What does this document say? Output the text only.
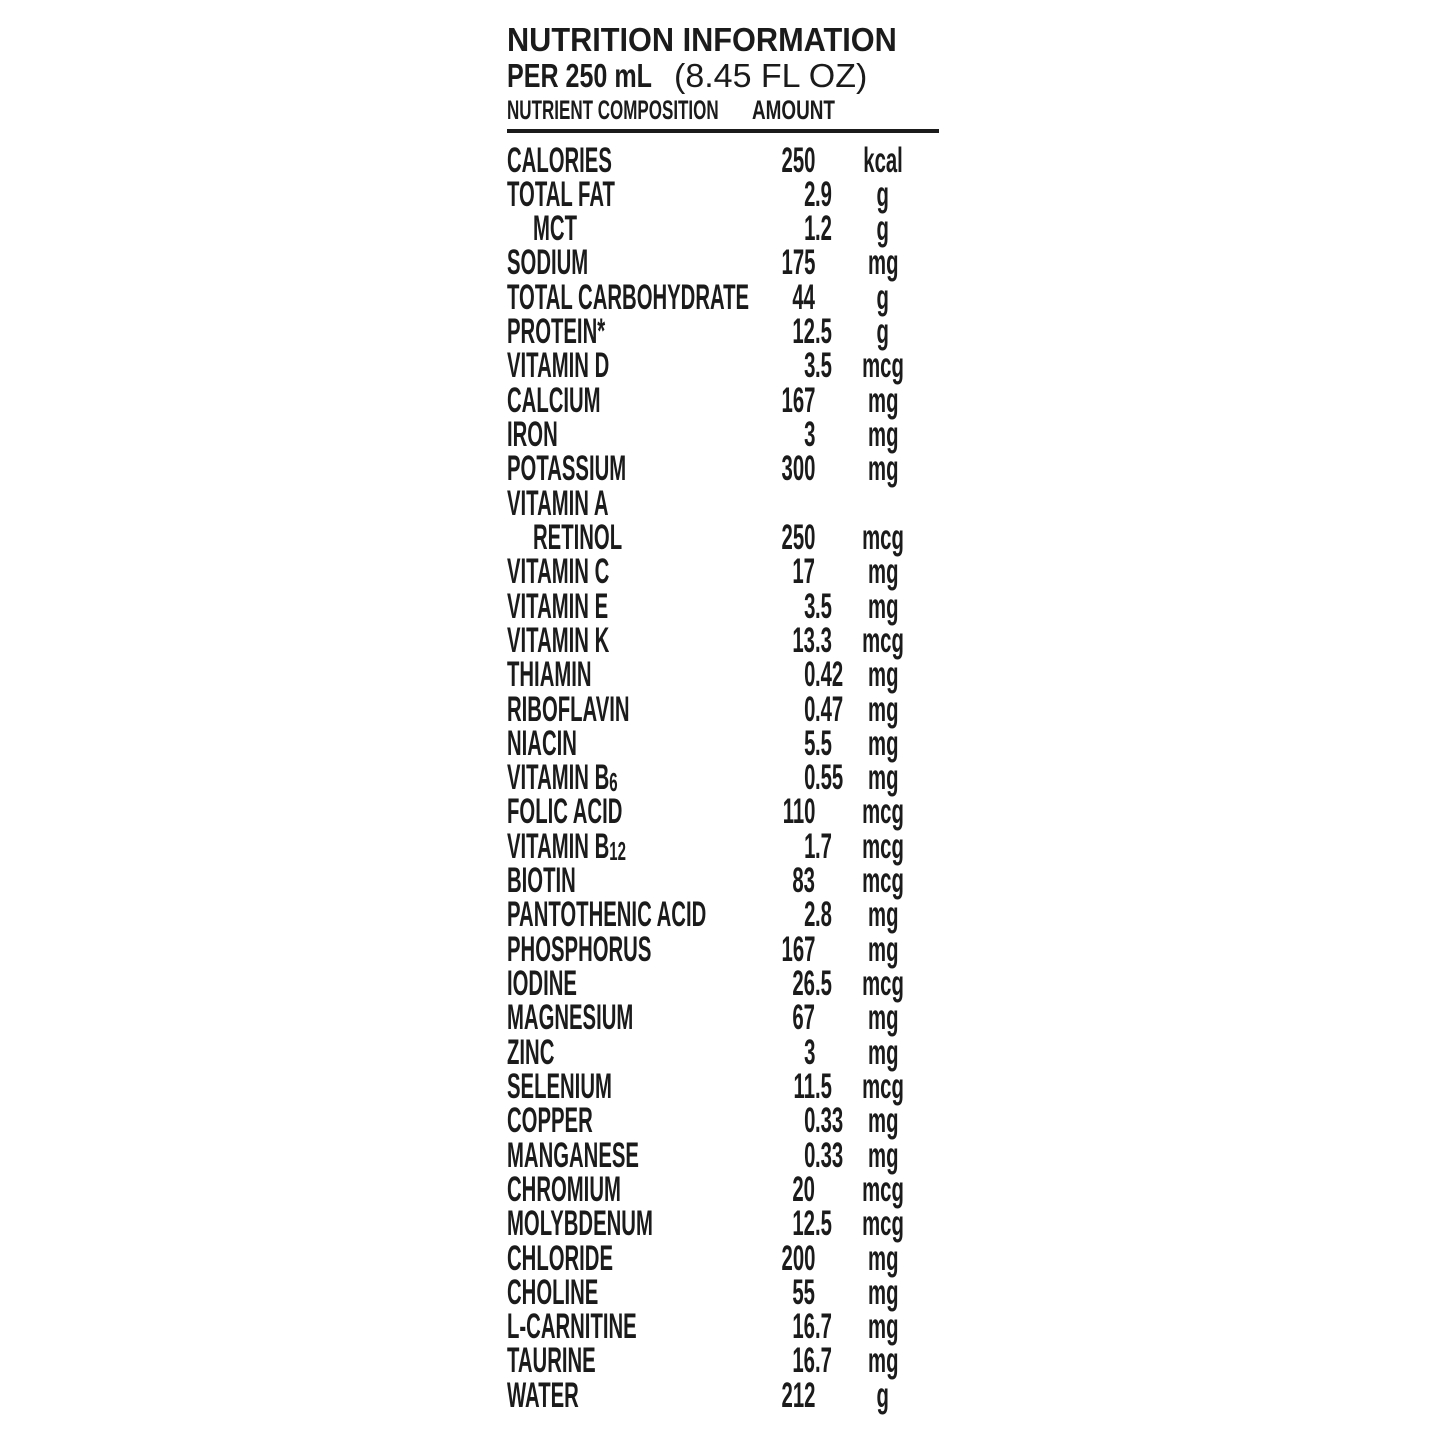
NUTRITION INFORMATION
PER 250 mL (8.45 FL OZ)
NUTRIENT COMPOSITION AMOUNT
CALORIES	250	kcal
TOTAL FAT	2 .9	g
MCT	1 .2	g
SODIUM	175	mg
TOTAL CARBOHYDRATE	44	g
PROTEIN*	12 .5	g
VITAMIN D	3 .5 mcg
CALCIUM	167	mg
IRON	3	mg
POTASSIUM	300	mg
VITAMIN A
RETINOL	250	mcg
VITAMIN C	17	mg
VITAMIN E	3 .5	mg
VITAMIN K	13 .3 mcg
THIAMIN	0 .42 mg
RIBOFLAVIN	0 .47 mg
NIACIN	5 .5	mg
VITAMIN B6	0 .55 mg
FOLIC ACID	110	mcg
VITAMIN B12	1 .7 mcg
BIOTIN	83	mcg
PANTOTHENIC ACID	2 .8	mg
PHOSPHORUS	167	mg
IODINE	26 .5 mcg
MAGNESIUM	67	mg
ZINC	3	mg
SELENIUM	11 .5 mcg
COPPER	0 .33 mg
MANGANESE	0 .33 mg
CHROMIUM	20	mcg
MOLYBDENUM	12 .5 mcg
CHLORIDE	200	mg
CHOLINE	55	mg
L-CARNITINE	16 .7	mg
TAURINE	16 .7	mg
WATER	212	g
